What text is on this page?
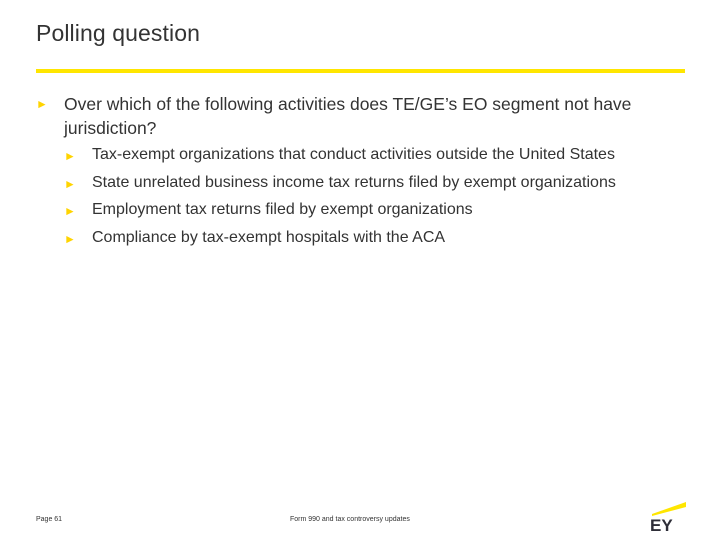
Polling question
► Over which of the following activities does TE/GE’s EO segment not have jurisdiction?
► Tax-exempt organizations that conduct activities outside the United States
► State unrelated business income tax returns filed by exempt organizations
► Employment tax returns filed by exempt organizations
► Compliance by tax-exempt hospitals with the ACA
Page 61	Form 990 and tax controversy updates	EY
